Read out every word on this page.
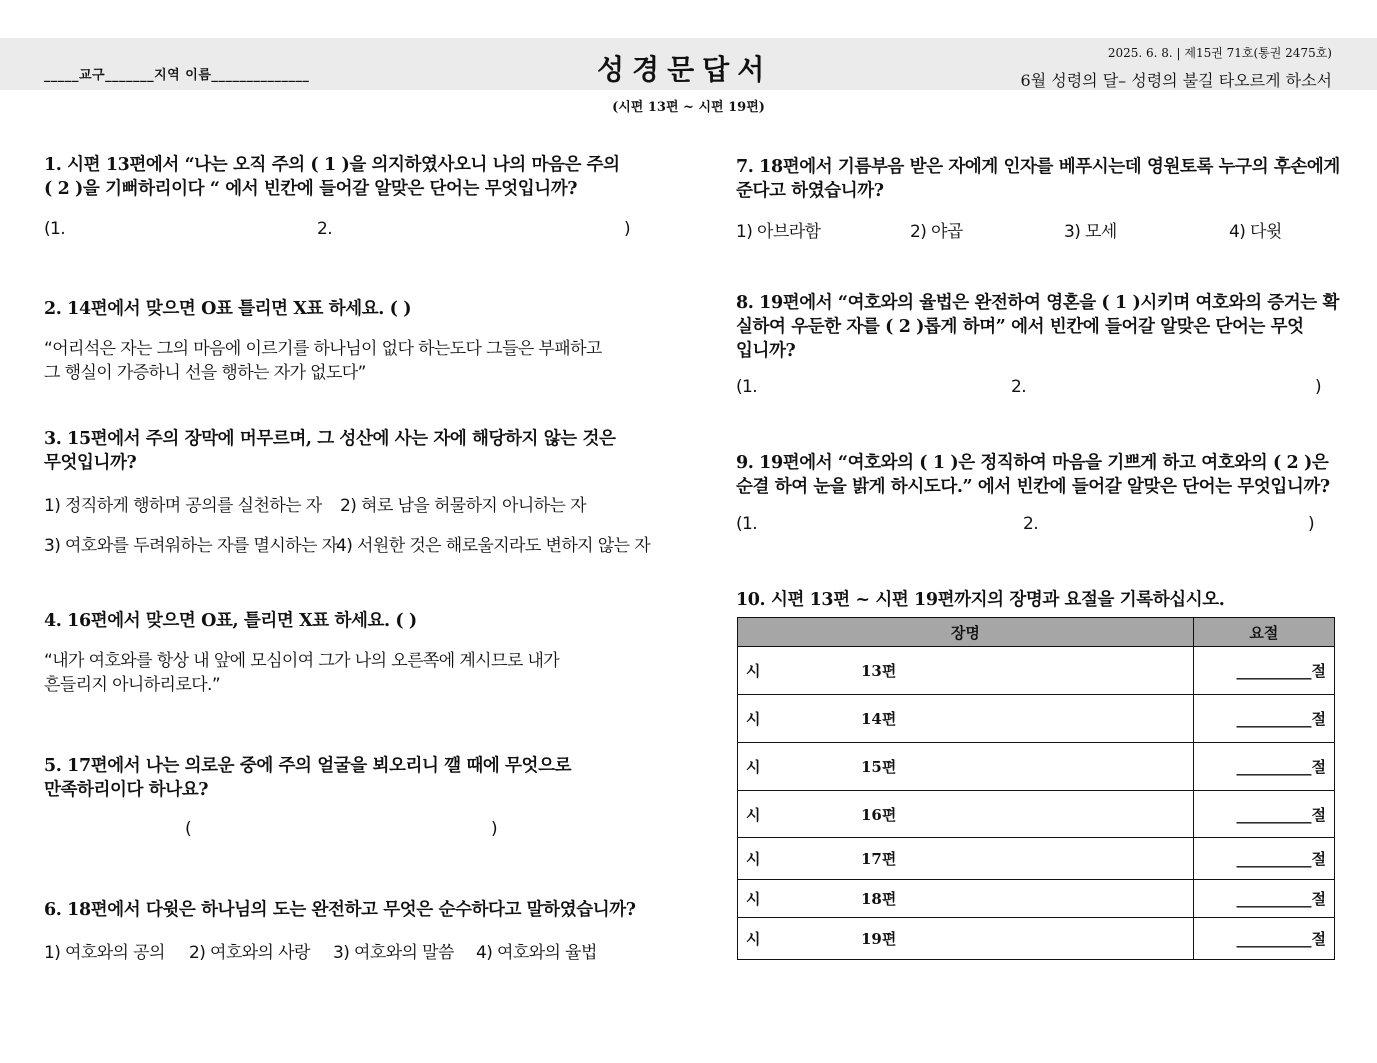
_____교구_______지역 이름______________	성경문답서	2025. 6. 8. | 제15권 71호(통권 2475호)
6월 성령의 달– 성령의 불길 타오르게 하소서
(시편 13편 ~ 시편 19편)
1. 시편 13편에서 “나는 오직 주의 ( 1 )을 의지하였사오니 나의 마음은 주의
( 2 )을 기뻐하리이다 “ 에서 빈칸에 들어갈 알맞은 단어는 무엇입니까?
(1.	2.	)
2. 14편에서 맞으면 O표 틀리면 X표 하세요. ( )
“어리석은 자는 그의 마음에 이르기를 하나님이 없다 하는도다 그들은 부패하고
그 행실이 가증하니 선을 행하는 자가 없도다”
3. 15편에서 주의 장막에 머무르며, 그 성산에 사는 자에 해당하지 않는 것은
무엇입니까?
1) 정직하게 행하며 공의를 실천하는 자 2) 혀로 남을 허물하지 아니하는 자
3) 여호와를 두려워하는 자를 멸시하는 자
4) 서원한 것은 해로울지라도 변하지 않는 자
4. 16편에서 맞으면 O표, 틀리면 X표 하세요. ( )
“내가 여호와를 항상 내 앞에 모심이여 그가 나의 오른쪽에 계시므로 내가
흔들리지 아니하리로다.”
5. 17편에서 나는 의로운 중에 주의 얼굴을 뵈오리니 깰 때에 무엇으로
만족하리이다 하나요?
(	)
6. 18편에서 다윗은 하나님의 도는 완전하고 무엇은 순수하다고 말하였습니까?
1) 여호와의 공의 2) 여호와의 사랑 3) 여호와의 말씀 4) 여호와의 율법
7. 18편에서 기름부음 받은 자에게 인자를 베푸시는데 영원토록 누구의 후손에게
준다고 하였습니까?
1) 아브라함	2) 야곱	3) 모세	4) 다윗
8. 19편에서 “여호와의 율법은 완전하여 영혼을 ( 1 )시키며 여호와의 증거는 확
실하여 우둔한 자를 ( 2 )롭게 하며” 에서 빈칸에 들어갈 알맞은 단어는 무엇
입니까?
(1.	2.	)
9. 19편에서 “여호와의 ( 1 )은 정직하여 마음을 기쁘게 하고 여호와의 ( 2 )은
순결 하여 눈을 밝게 하시도다.” 에서 빈칸에 들어갈 알맞은 단어는 무엇입니까?
(1.	2.	)
10. 시편 13편 ~ 시편 19편까지의 장명과 요절을 기록하십시오.
장명	요절
시 13편	__________절
시 14편	__________절
시 15편	__________절
시 16편	__________절
시 17편	__________절
시 18편	__________절
시 19편	__________절
